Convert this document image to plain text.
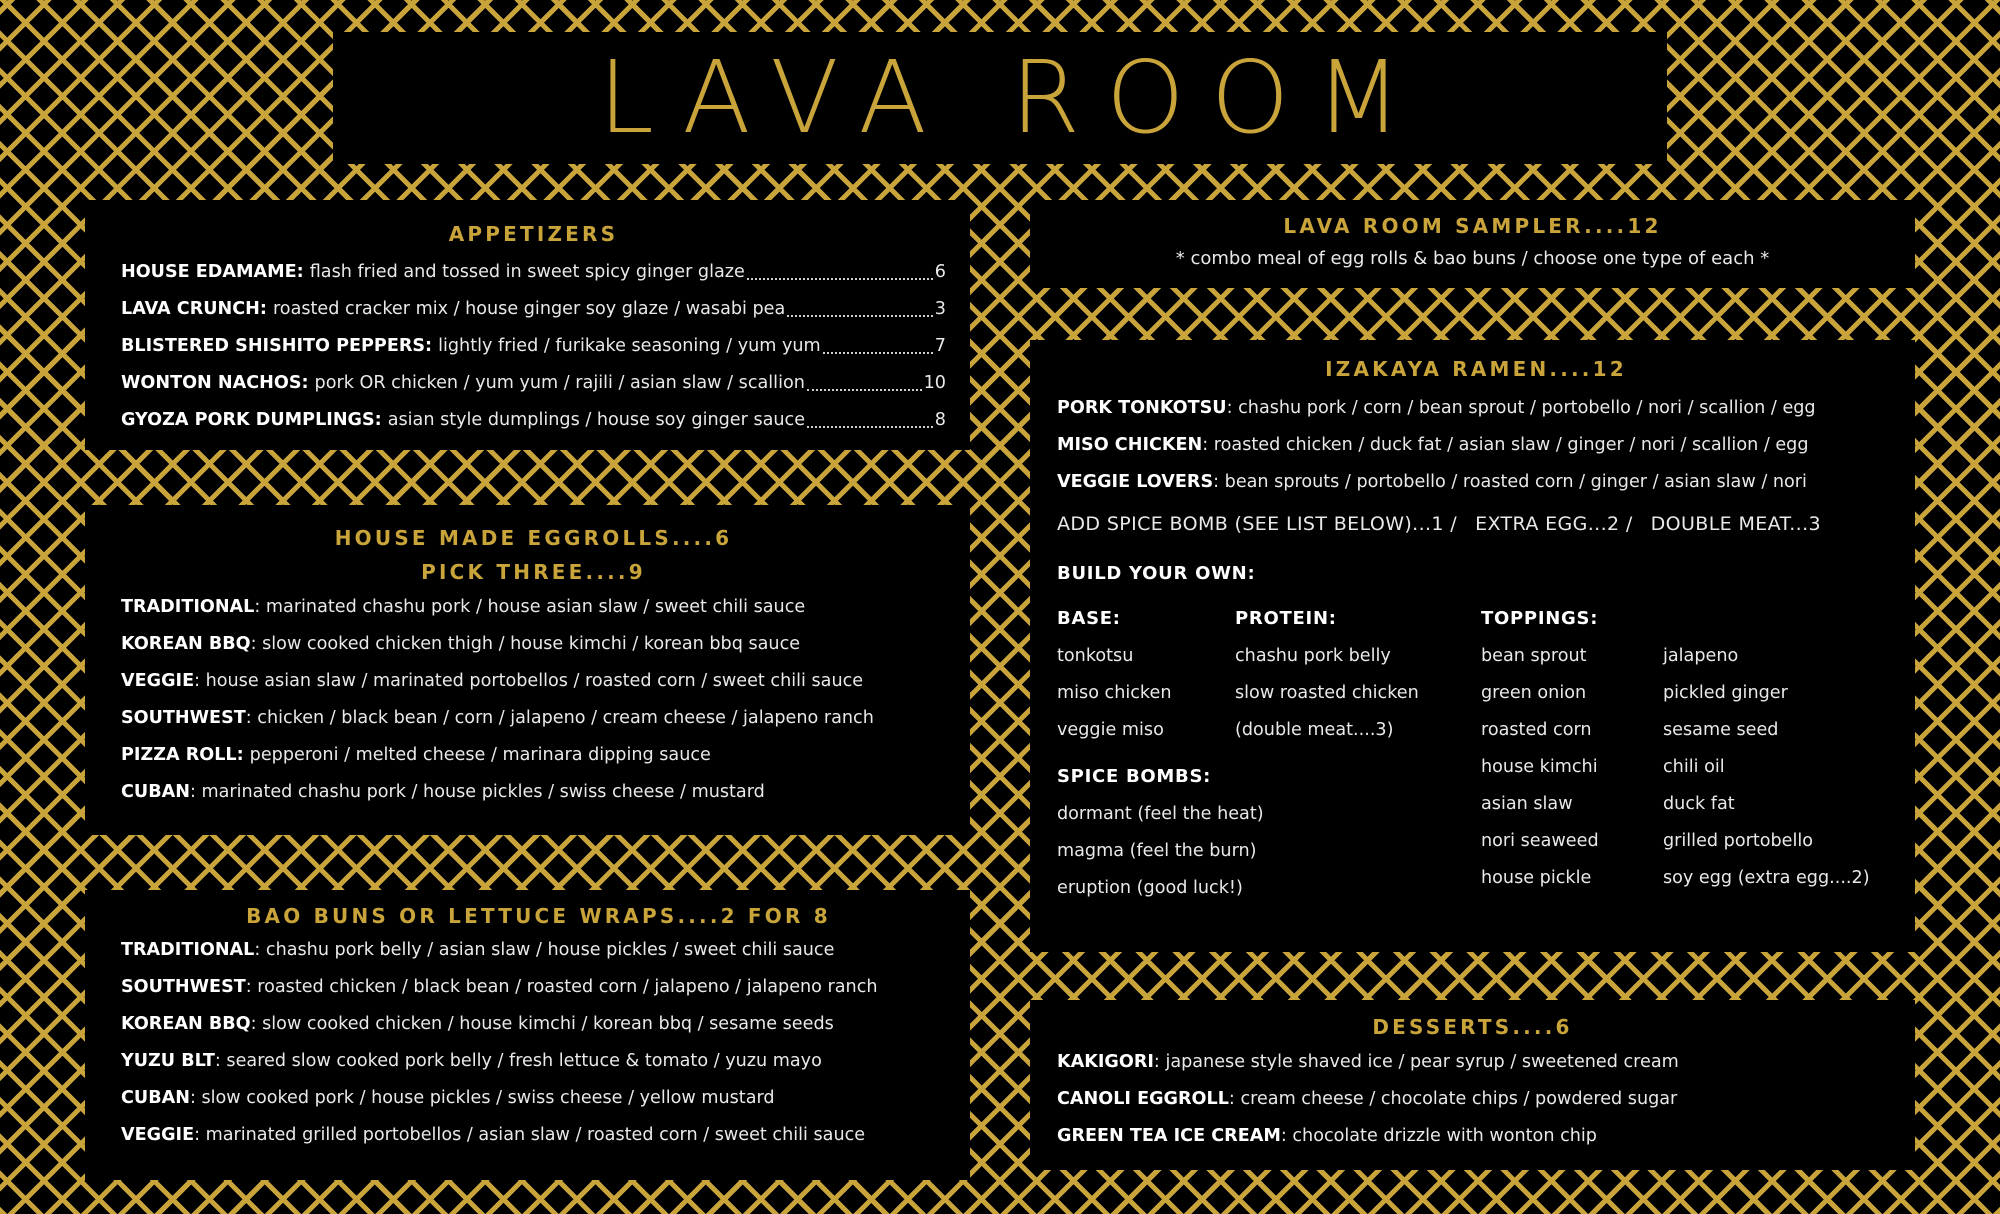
LAVA ROOM
APPETIZERS
HOUSE EDAMAME: flash fried and tossed in sweet spicy ginger glaze	6
LAVA CRUNCH: roasted cracker mix / house ginger soy glaze / wasabi pea	3
BLISTERED SHISHITO PEPPERS: lightly fried / furikake seasoning / yum yum	7
WONTON NACHOS: pork OR chicken / yum yum / rajili / asian slaw / scallion	10
GYOZA PORK DUMPLINGS: asian style dumplings / house soy ginger sauce	8
HOUSE MADE EGGROLLS....6
PICK THREE....9
TRADITIONAL : marinated chashu pork / house asian slaw / sweet chili sauce
KOREAN BBQ : slow cooked chicken thigh / house kimchi / korean bbq sauce
VEGGIE : house asian slaw / marinated portobellos / roasted corn / sweet chili sauce
SOUTHWEST : chicken / black bean / corn / jalapeno / cream cheese / jalapeno ranch
PIZZA ROLL: pepperoni / melted cheese / marinara dipping sauce
CUBAN : marinated chashu pork / house pickles / swiss cheese / mustard
BAO BUNS OR LETTUCE WRAPS....2 FOR 8
TRADITIONAL : chashu pork belly / asian slaw / house pickles / sweet chili sauce
SOUTHWEST : roasted chicken / black bean / roasted corn / jalapeno / jalapeno ranch
KOREAN BBQ : slow cooked chicken / house kimchi / korean bbq / sesame seeds
YUZU BLT : seared slow cooked pork belly / fresh lettuce & tomato / yuzu mayo
CUBAN : slow cooked pork / house pickles / swiss cheese / yellow mustard
VEGGIE : marinated grilled portobellos / asian slaw / roasted corn / sweet chili sauce
LAVA ROOM SAMPLER....12
* combo meal of egg rolls & bao buns / choose one type of each *
IZAKAYA RAMEN....12
PORK TONKOTSU : chashu pork / corn / bean sprout / portobello / nori / scallion / egg
MISO CHICKEN : roasted chicken / duck fat / asian slaw / ginger / nori / scallion / egg
VEGGIE LOVERS : bean sprouts / portobello / roasted corn / ginger / asian slaw / nori
ADD SPICE BOMB (SEE LIST BELOW)...1 / EXTRA EGG...2 / DOUBLE MEAT...3
BUILD YOUR OWN:
BASE:
tonkotsu
miso chicken
veggie miso
PROTEIN:
chashu pork belly
slow roasted chicken
(double meat....3)
TOPPINGS:
bean sprout
green onion
roasted corn
house kimchi
asian slaw
nori seaweed
house pickle
jalapeno
pickled ginger
sesame seed
chili oil
duck fat
grilled portobello
soy egg (extra egg....2)
SPICE BOMBS:
dormant (feel the heat)
magma (feel the burn)
eruption (good luck!)
DESSERTS....6
KAKIGORI : japanese style shaved ice / pear syrup / sweetened cream
CANOLI EGGROLL : cream cheese / chocolate chips / powdered sugar
GREEN TEA ICE CREAM : chocolate drizzle with wonton chip
